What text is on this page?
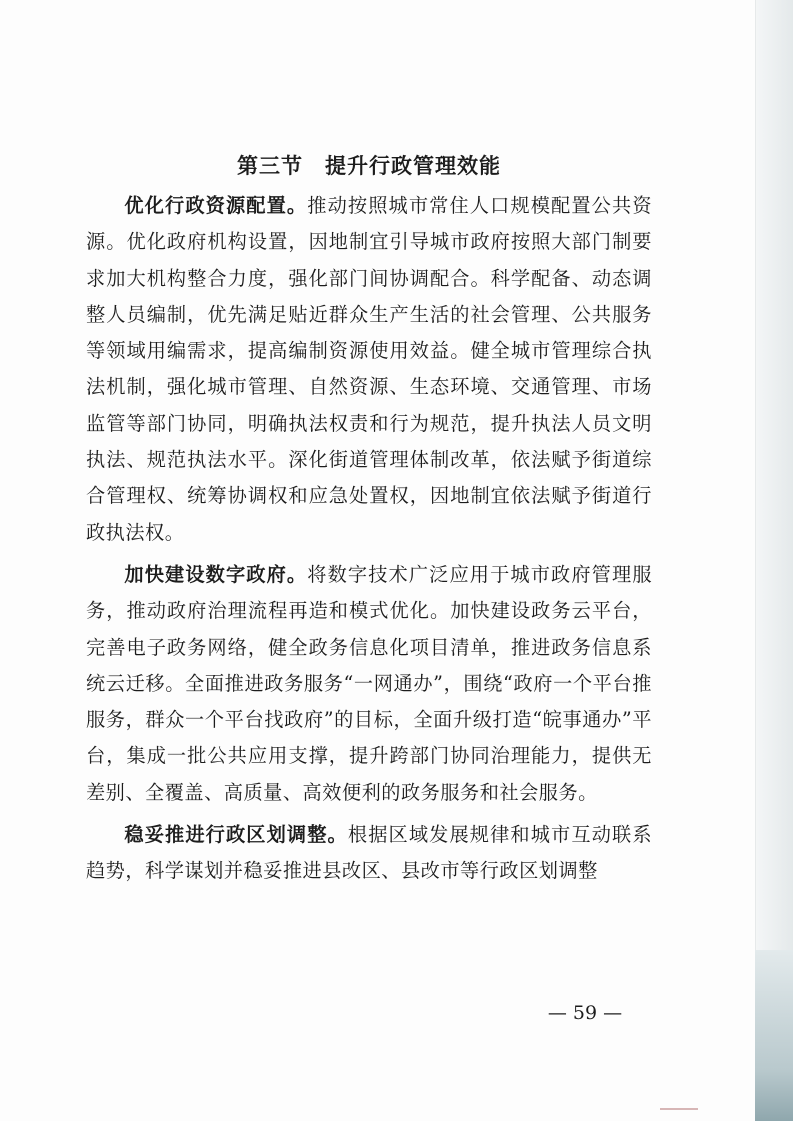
第三节　提升行政管理效能

优化行政资源配置。推动按照城市常住人口规模配置公共资源。优化政府机构设置，因地制宜引导城市政府按照大部门制要求加大机构整合力度，强化部门间协调配合。科学配备、动态调整人员编制，优先满足贴近群众生产生活的社会管理、公共服务等领域用编需求，提高编制资源使用效益。健全城市管理综合执法机制，强化城市管理、自然资源、生态环境、交通管理、市场监管等部门协同，明确执法权责和行为规范，提升执法人员文明执法、规范执法水平。深化街道管理体制改革，依法赋予街道综合管理权、统筹协调权和应急处置权，因地制宜依法赋予街道行政执法权。

加快建设数字政府。将数字技术广泛应用于城市政府管理服务，推动政府治理流程再造和模式优化。加快建设政务云平台，完善电子政务网络，健全政务信息化项目清单，推进政务信息系统云迁移。全面推进政务服务“一网通办”，围绕“政府一个平台推服务，群众一个平台找政府”的目标，全面升级打造“皖事通办”平台，集成一批公共应用支撑，提升跨部门协同治理能力，提供无差别、全覆盖、高质量、高效便利的政务服务和社会服务。

稳妥推进行政区划调整。根据区域发展规律和城市互动联系趋势，科学谋划并稳妥推进县改区、县改市等行政区划调整

— 59 —
